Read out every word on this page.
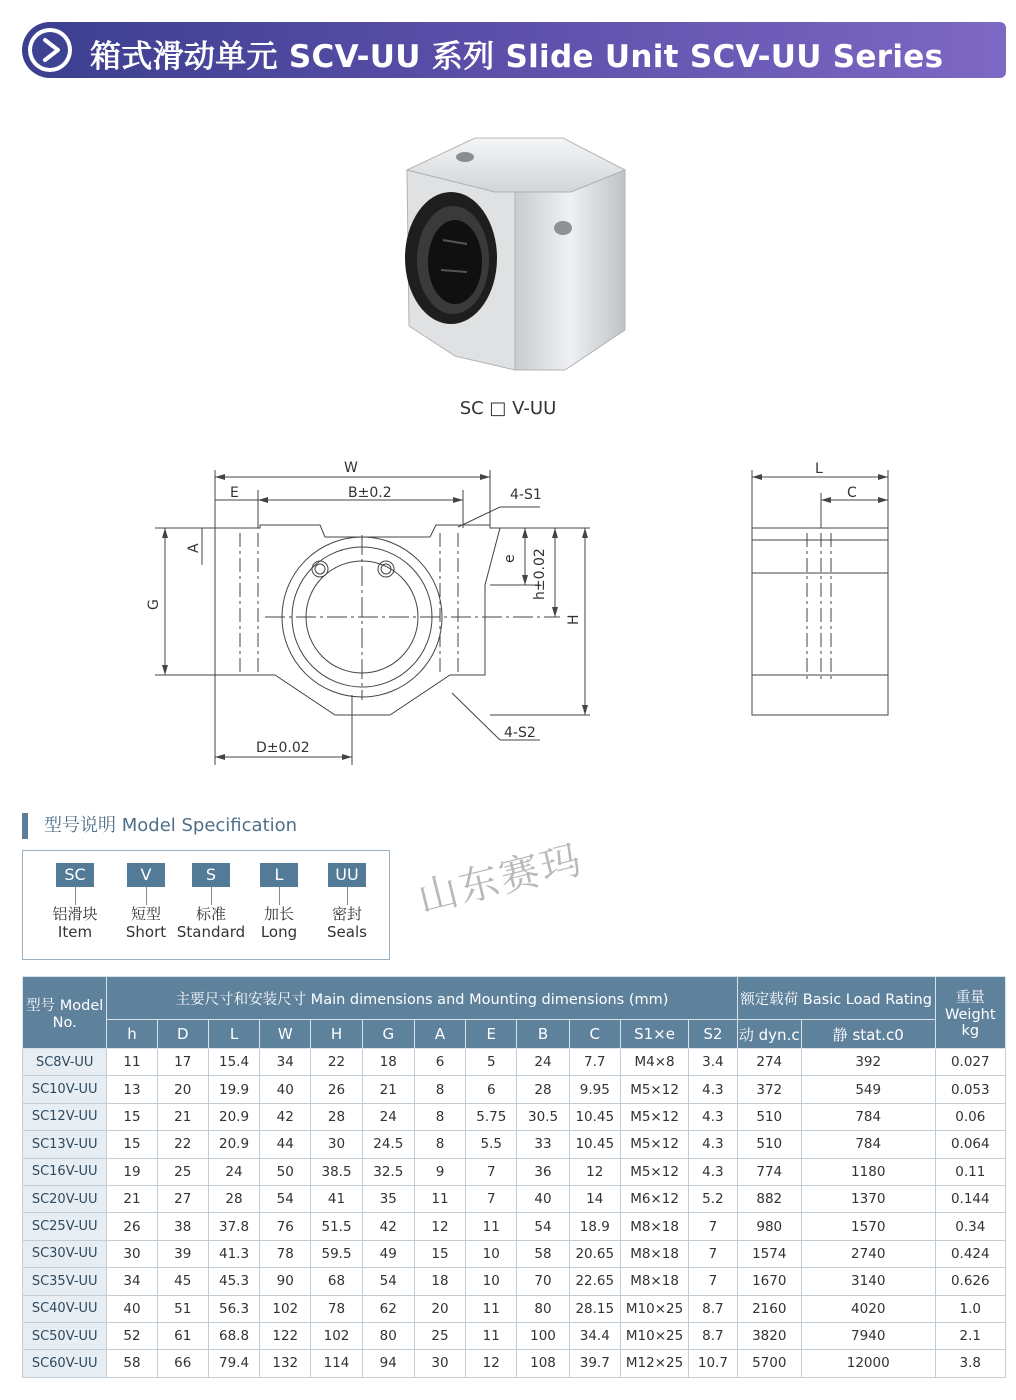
箱式滑动单元 SCV-UU 系列 Slide Unit SCV-UU Series
SC □ V-UU
W
E	B±0.2	4-S1
A
G
e h±0.02
H
4-S2
D±0.02
L
C
型号说明 Model Specification
SC
铝滑块
Item
V
短型
Short
S
标准
Standard
L
加长
Long
UU
密封
Seals
山东赛玛
型号 Model No.	主要尺寸和安装尺寸 Main dimensions and Mounting dimensions (mm)												额定载荷 Basic Load Rating		重量 Weight kg
	h	D	L	W	H	G	A	E	B	C	S1×e	S2	动 dyn.c	静 stat.c0	
SC8V-UU	11	17	15.4	34	22	18	6	5	24	7.7	M4×8	3.4	274	392	0.027
SC10V-UU	13	20	19.9	40	26	21	8	6	28	9.95	M5×12	4.3	372	549	0.053
SC12V-UU	15	21	20.9	42	28	24	8	5.75	30.5	10.45	M5×12	4.3	510	784	0.06
SC13V-UU	15	22	20.9	44	30	24.5	8	5.5	33	10.45	M5×12	4.3	510	784	0.064
SC16V-UU	19	25	24	50	38.5	32.5	9	7	36	12	M5×12	4.3	774	1180	0.11
SC20V-UU	21	27	28	54	41	35	11	7	40	14	M6×12	5.2	882	1370	0.144
SC25V-UU	26	38	37.8	76	51.5	42	12	11	54	18.9	M8×18	7	980	1570	0.34
SC30V-UU	30	39	41.3	78	59.5	49	15	10	58	20.65	M8×18	7	1574	2740	0.424
SC35V-UU	34	45	45.3	90	68	54	18	10	70	22.65	M8×18	7	1670	3140	0.626
SC40V-UU	40	51	56.3	102	78	62	20	11	80	28.15	M10×25	8.7	2160	4020	1.0
SC50V-UU	52	61	68.8	122	102	80	25	11	100	34.4	M10×25	8.7	3820	7940	2.1
SC60V-UU	58	66	79.4	132	114	94	30	12	108	39.7	M12×25	10.7	5700	12000	3.8
